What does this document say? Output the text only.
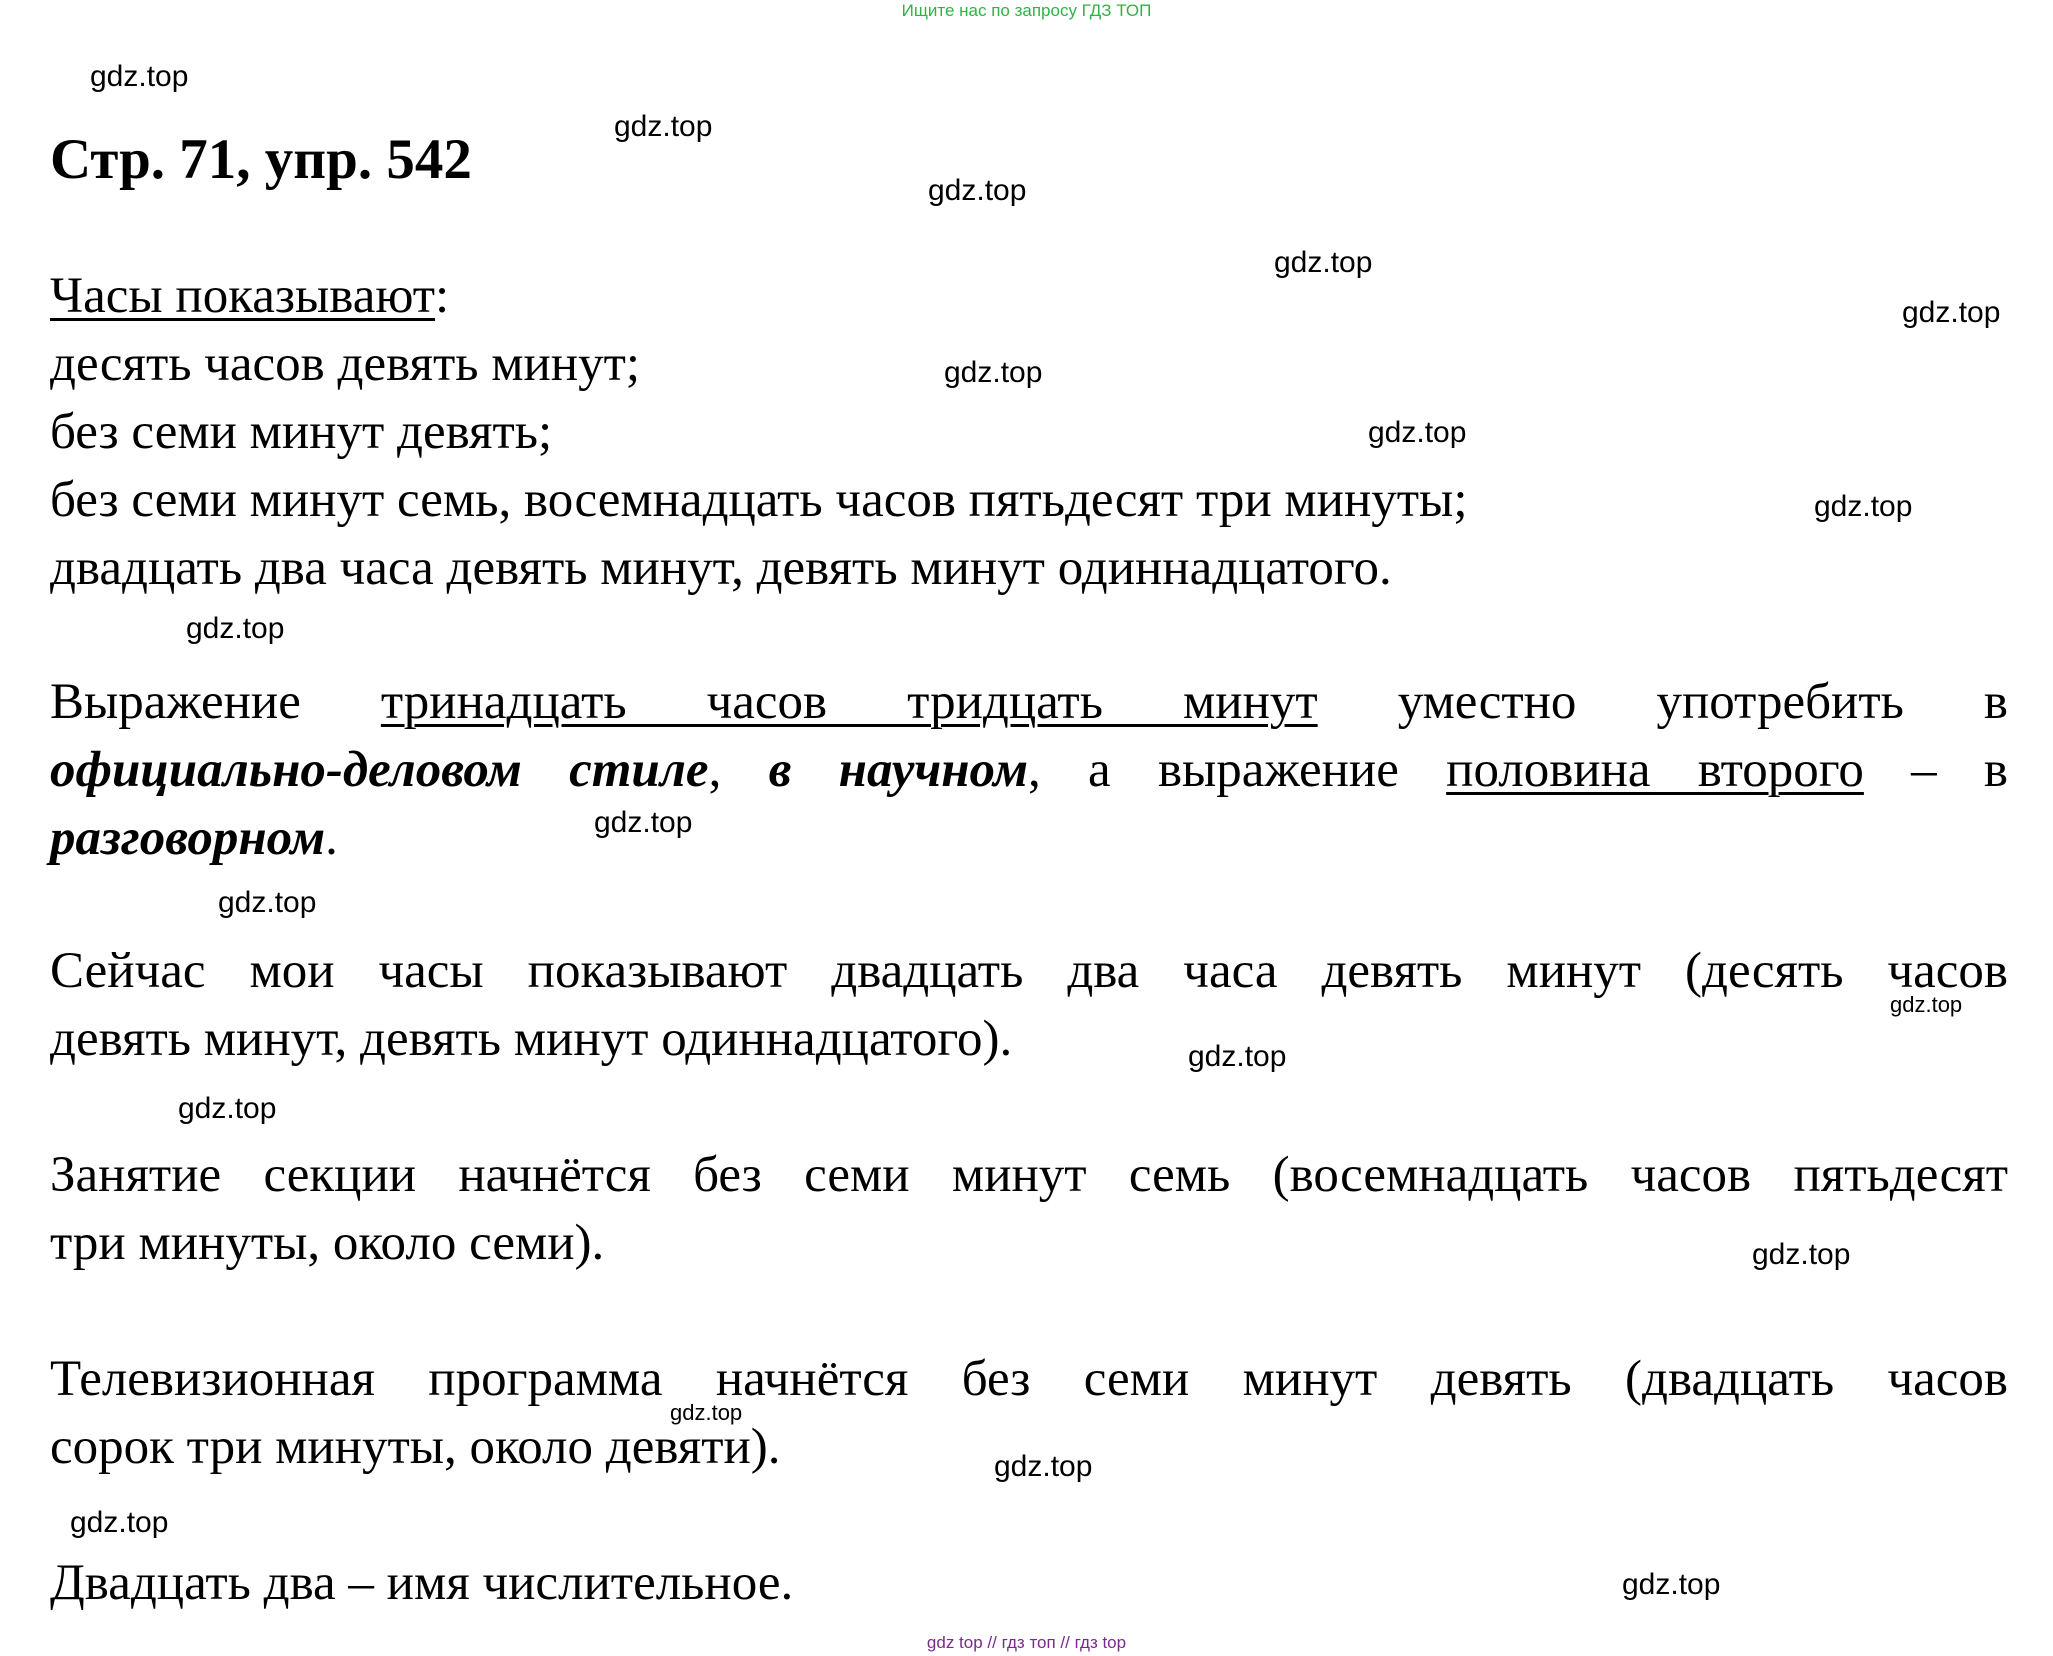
Ищите нас по запросу ГДЗ ТОП
gdz top // гдз топ // гдз top
Стр. 71, упр. 542
Часы показывают:
десять часов девять минут;
без семи минут девять;
без семи минут семь, восемнадцать часов пятьдесят три минуты;
двадцать два часа девять минут, девять минут одиннадцатого.
Выражение тринадцать часов тридцать минут уместно употребить в
официально-деловом стиле, в научном, а выражение половина второго – в
разговорном.
Сейчас мои часы показывают двадцать два часа девять минут (десять часов
девять минут, девять минут одиннадцатого).
Занятие секции начнётся без семи минут семь (восемнадцать часов пятьдесят
три минуты, около семи).
Телевизионная программа начнётся без семи минут девять (двадцать часов
сорок три минуты, около девяти).
Двадцать два – имя числительное.
gdz.top
gdz.top
gdz.top
gdz.top
gdz.top
gdz.top
gdz.top
gdz.top
gdz.top
gdz.top
gdz.top
gdz.top
gdz.top
gdz.top
gdz.top
gdz.top
gdz.top
gdz.top
gdz.top
